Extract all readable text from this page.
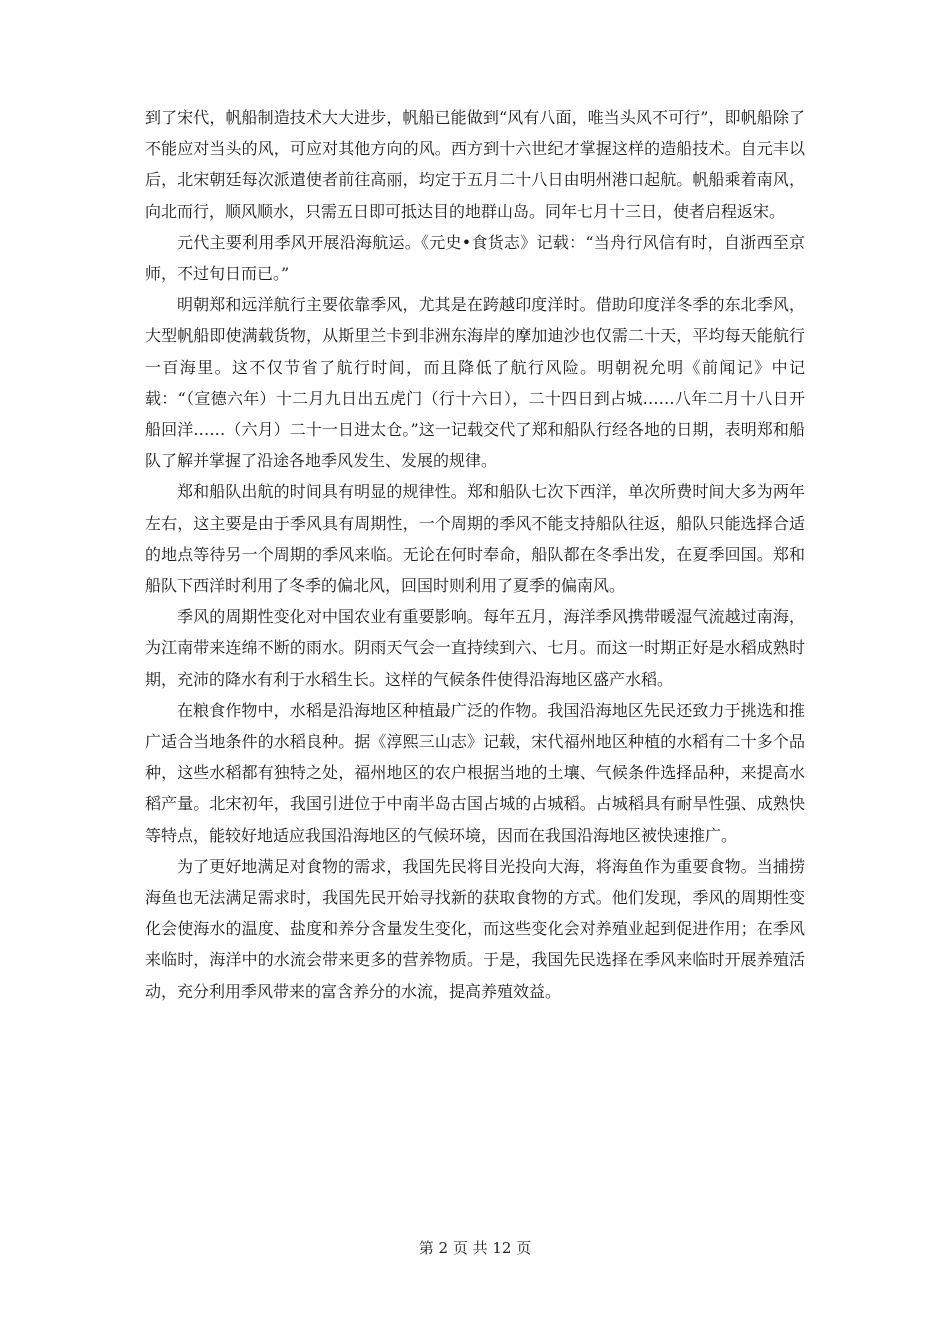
到了宋代，帆船制造技术大大进步，帆船已能做到“风有八面，唯当头风不可行”，即帆船除了不能应对当头的风，可应对其他方向的风。西方到十六世纪才掌握这样的造船技术。自元丰以后，北宋朝廷每次派遣使者前往高丽，均定于五月二十八日由明州港口起航。帆船乘着南风，向北而行，顺风顺水，只需五日即可抵达目的地群山岛。同年七月十三日，使者启程返宋。

元代主要利用季风开展沿海航运。《元史•食货志》记载：“当舟行风信有时，自浙西至京师，不过旬日而已。”

明朝郑和远洋航行主要依靠季风，尤其是在跨越印度洋时。借助印度洋冬季的东北季风，大型帆船即使满载货物，从斯里兰卡到非洲东海岸的摩加迪沙也仅需二十天，平均每天能航行一百海里。这不仅节省了航行时间，而且降低了航行风险。明朝祝允明《前闻记》中记载：“（宣德六年）十二月九日出五虎门（行十六日），二十四日到占城……八年二月十八日开船回洋……（六月）二十一日进太仓。”这一记载交代了郑和船队行经各地的日期，表明郑和船队了解并掌握了沿途各地季风发生、发展的规律。

郑和船队出航的时间具有明显的规律性。郑和船队七次下西洋，单次所费时间大多为两年左右，这主要是由于季风具有周期性，一个周期的季风不能支持船队往返，船队只能选择合适的地点等待另一个周期的季风来临。无论在何时奉命，船队都在冬季出发，在夏季回国。郑和船队下西洋时利用了冬季的偏北风，回国时则利用了夏季的偏南风。

季风的周期性变化对中国农业有重要影响。每年五月，海洋季风携带暖湿气流越过南海，为江南带来连绵不断的雨水。阴雨天气会一直持续到六、七月。而这一时期正好是水稻成熟时期，充沛的降水有利于水稻生长。这样的气候条件使得沿海地区盛产水稻。

在粮食作物中，水稻是沿海地区种植最广泛的作物。我国沿海地区先民还致力于挑选和推广适合当地条件的水稻良种。据《淳熙三山志》记载，宋代福州地区种植的水稻有二十多个品种，这些水稻都有独特之处，福州地区的农户根据当地的土壤、气候条件选择品种，来提高水稻产量。北宋初年，我国引进位于中南半岛古国占城的占城稻。占城稻具有耐旱性强、成熟快等特点，能较好地适应我国沿海地区的气候环境，因而在我国沿海地区被快速推广。

为了更好地满足对食物的需求，我国先民将目光投向大海，将海鱼作为重要食物。当捕捞海鱼也无法满足需求时，我国先民开始寻找新的获取食物的方式。他们发现，季风的周期性变化会使海水的温度、盐度和养分含量发生变化，而这些变化会对养殖业起到促进作用；在季风来临时，海洋中的水流会带来更多的营养物质。于是，我国先民选择在季风来临时开展养殖活动，充分利用季风带来的富含养分的水流，提高养殖效益。

第 2 页 共 12 页
